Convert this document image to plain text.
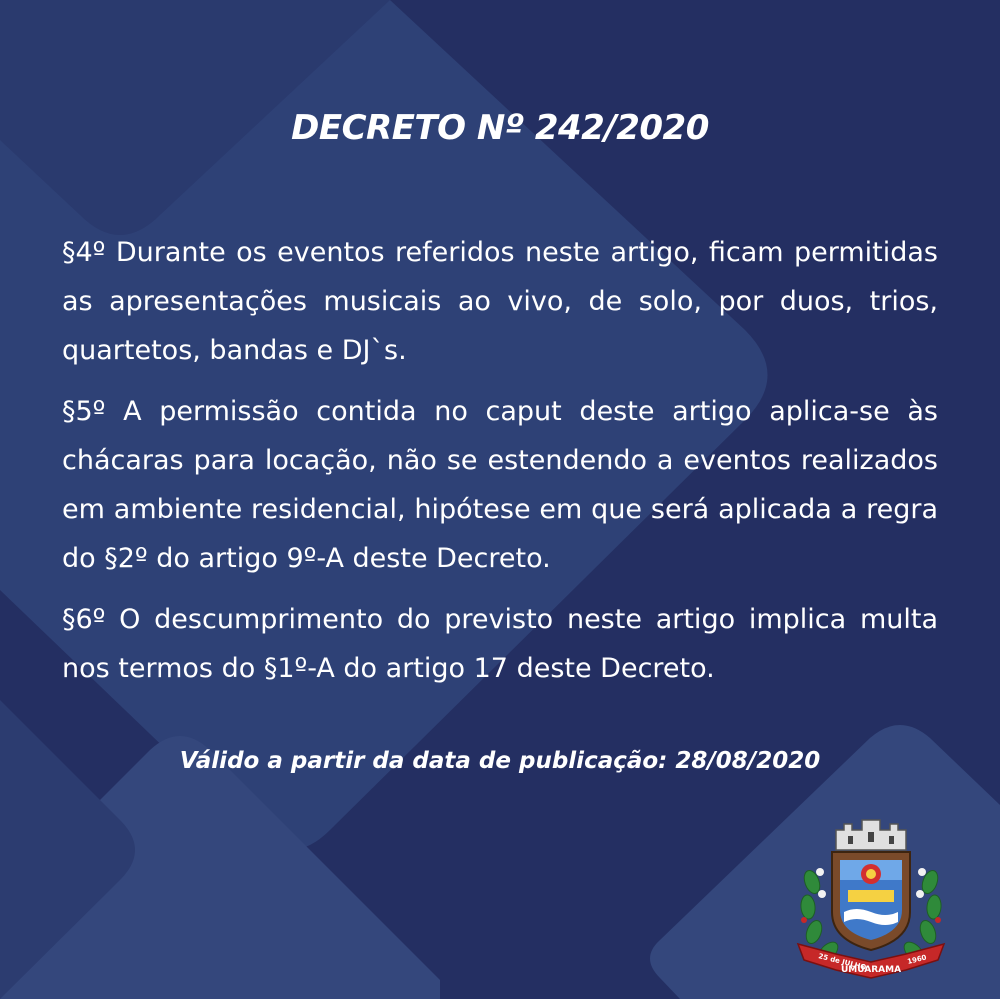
DECRETO Nº 242/2020

§4º Durante os eventos referidos neste artigo, ficam permitidas as apresentações musicais ao vivo, de solo, por duos, trios, quartetos, bandas e DJ`s.

§5º A permissão contida no caput deste artigo aplica-se às chácaras para locação, não se estendendo a eventos realizados em ambiente residencial, hipótese em que será aplicada a regra do §2º do artigo 9º-A deste Decreto.

§6º O descumprimento do previsto neste artigo implica multa nos termos do §1º-A do artigo 17 deste Decreto.

Válido a partir da data de publicação: 28/08/2020
25 de JULHO
UMUARAMA
1960
